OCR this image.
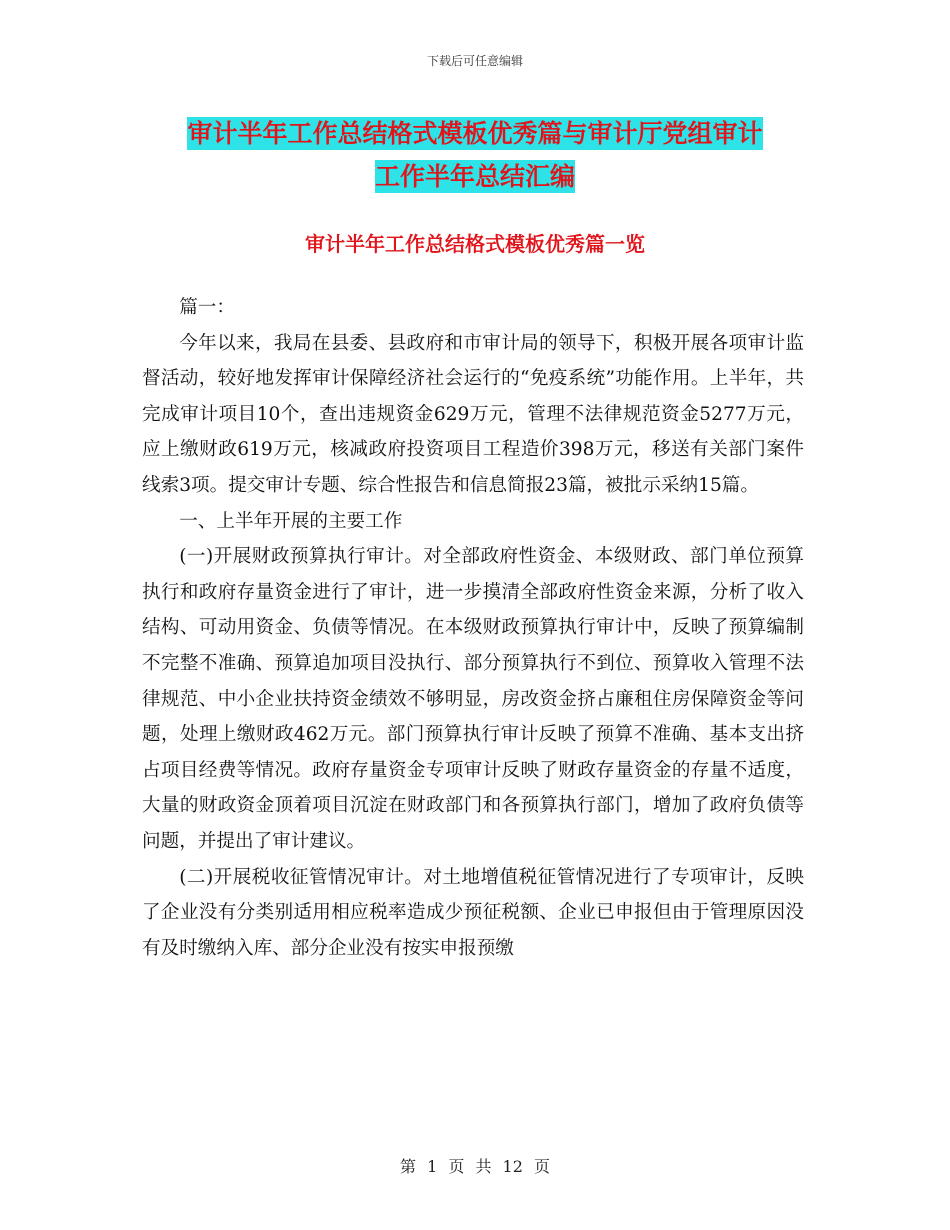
下载后可任意编辑
审计半年工作总结格式模板优秀篇与审计厅党组审计
工作半年总结汇编
审计半年工作总结格式模板优秀篇一览

篇一：

今年以来，我局在县委、县政府和市审计局的领导下，积极开展各项审计监督活动，较好地发挥审计保障经济社会运行的“免疫系统”功能作用。上半年，共完成审计项目10个，查出违规资金629万元，管理不法律规范资金5277万元，应上缴财政619万元，核减政府投资项目工程造价398万元，移送有关部门案件线索3项。提交审计专题、综合性报告和信息简报23篇，被批示采纳15篇。

一、上半年开展的主要工作

(一)开展财政预算执行审计。对全部政府性资金、本级财政、部门单位预算执行和政府存量资金进行了审计，进一步摸清全部政府性资金来源，分析了收入结构、可动用资金、负债等情况。在本级财政预算执行审计中，反映了预算编制不完整不准确、预算追加项目没执行、部分预算执行不到位、预算收入管理不法律规范、中小企业扶持资金绩效不够明显，房改资金挤占廉租住房保障资金等问题，处理上缴财政462万元。部门预算执行审计反映了预算不准确、基本支出挤占项目经费等情况。政府存量资金专项审计反映了财政存量资金的存量不适度，大量的财政资金顶着项目沉淀在财政部门和各预算执行部门，增加了政府负债等问题，并提出了审计建议。

(二)开展税收征管情况审计。对土地增值税征管情况进行了专项审计，反映了企业没有分类别适用相应税率造成少预征税额、企业已申报但由于管理原因没有及时缴纳入库、部分企业没有按实申报预缴

第 1 页 共 12 页
